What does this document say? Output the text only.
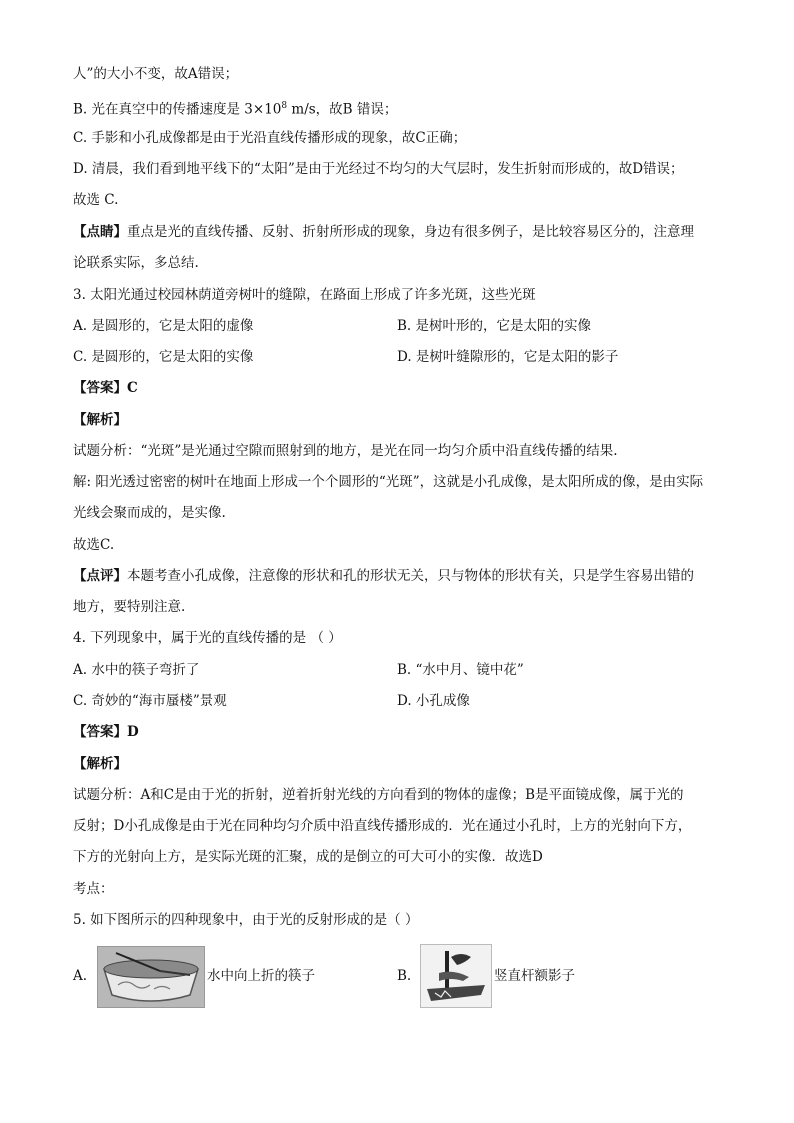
人”的大小不变，故A错误；
B. 光在真空中的传播速度是 $3\times 10^8$ m/s，故B 错误；
C. 手影和小孔成像都是由于光沿直线传播形成的现象，故C正确；
D. 清晨，我们看到地平线下的“太阳”是由于光经过不均匀的大气层时，发生折射而形成的，故D错误；
故选 C.
【点睛】重点是光的直线传播、反射、折射所形成的现象，身边有很多例子，是比较容易区分的，注意理
论联系实际，多总结.
3. 太阳光通过校园林荫道旁树叶的缝隙，在路面上形成了许多光斑，这些光斑
A. 是圆形的，它是太阳的虚像	B. 是树叶形的，它是太阳的实像
C. 是圆形的，它是太阳的实像	D. 是树叶缝隙形的，它是太阳的影子
【答案】C
【解析】
试题分析：“光斑”是光通过空隙而照射到的地方，是光在同一均匀介质中沿直线传播的结果.
解: 阳光透过密密的树叶在地面上形成一个个圆形的“光斑”，这就是小孔成像，是太阳所成的像，是由实际
光线会聚而成的，是实像.
故选C.
【点评】本题考查小孔成像，注意像的形状和孔的形状无关，只与物体的形状有关，只是学生容易出错的
地方，要特别注意.
4. 下列现象中，属于光的直线传播的是 （ ）
A. 水中的筷子弯折了	B. “水中月、镜中花”
C. 奇妙的“海市蜃楼”景观	D. 小孔成像
【答案】D
【解析】
试题分析：A和C是由于光的折射，逆着折射光线的方向看到的物体的虚像；B是平面镜成像，属于光的
反射；D小孔成像是由于光在同种均匀介质中沿直线传播形成的．光在通过小孔时，上方的光射向下方，
下方的光射向上方，是实际光斑的汇聚，成的是倒立的可大可小的实像．故选D
考点：
5. 如下图所示的四种现象中，由于光的反射形成的是（ ）
A.	水中向上折的筷子	B.	竖直杆额影子
